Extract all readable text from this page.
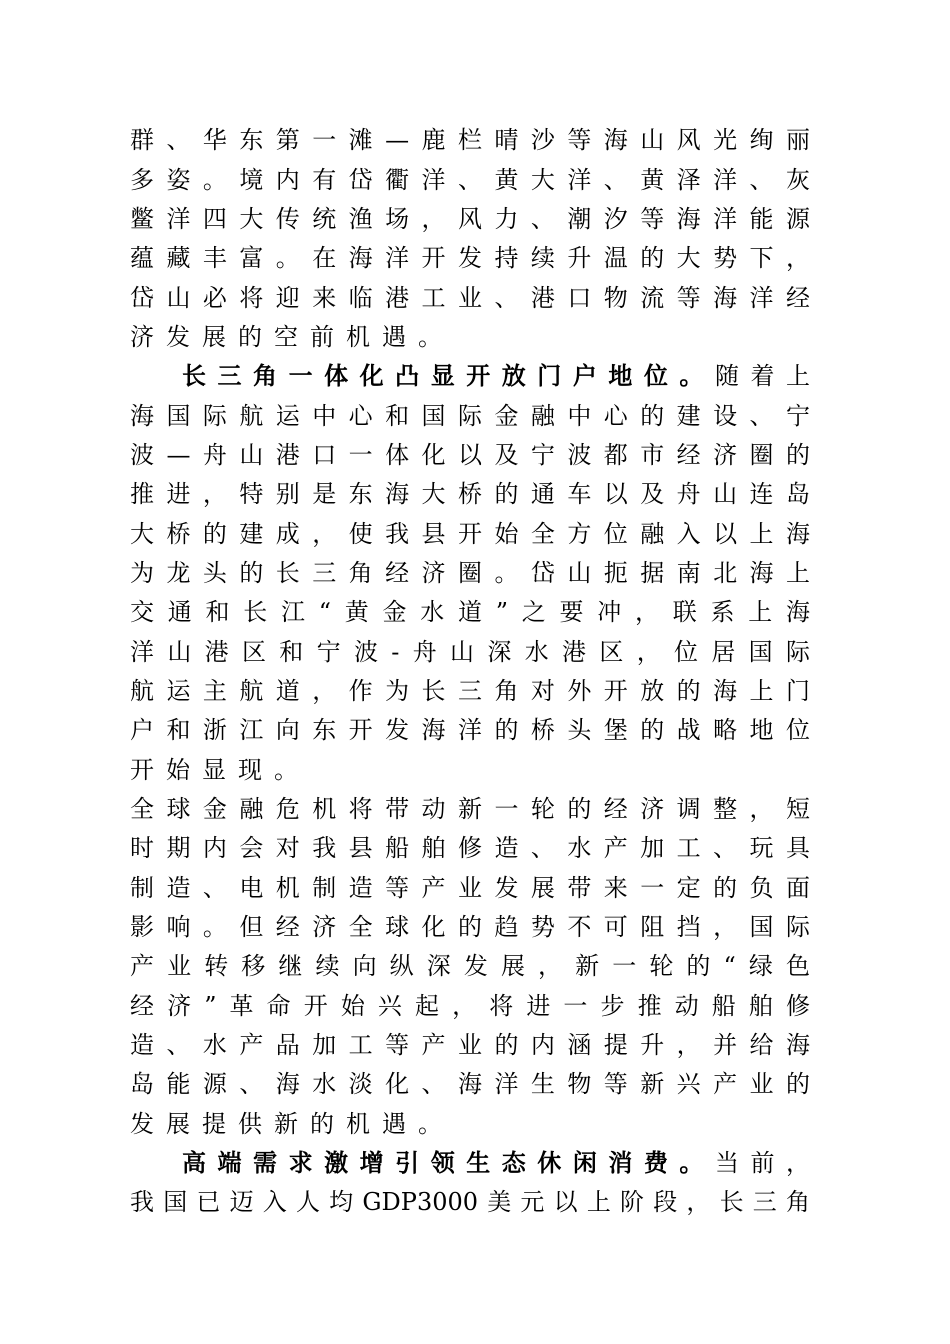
群、华东第一滩—鹿栏晴沙等海山风光绚丽
多姿。境内有岱衢洋、黄大洋、黄泽洋、灰
鳖洋四大传统渔场，风力、潮汐等海洋能源
蕴藏丰富。在海洋开发持续升温的大势下，
岱山必将迎来临港工业、港口物流等海洋经
济发展的空前机遇。
长三角一体化凸显开放门户地位。随着上
海国际航运中心和国际金融中心的建设、宁
波—舟山港口一体化以及宁波都市经济圈的
推进，特别是东海大桥的通车以及舟山连岛
大桥的建成，使我县开始全方位融入以上海
为龙头的长三角经济圈。岱山扼据南北海上
交通和长江“黄金水道”之要冲，联系上海
洋山港区和宁波-舟山深水港区，位居国际
航运主航道，作为长三角对外开放的海上门
户和浙江向东开发海洋的桥头堡的战略地位
开始显现。
全球金融危机将带动新一轮的经济调整，短
时期内会对我县船舶修造、水产加工、玩具
制造、电机制造等产业发展带来一定的负面
影响。但经济全球化的趋势不可阻挡，国际
产业转移继续向纵深发展，新一轮的“绿色
经济”革命开始兴起，将进一步推动船舶修
造、水产品加工等产业的内涵提升，并给海
岛能源、海水淡化、海洋生物等新兴产业的
发展提供新的机遇。
高端需求激增引领生态休闲消费。当前，
我国已迈入人均GDP3000美元以上阶段，长三角
